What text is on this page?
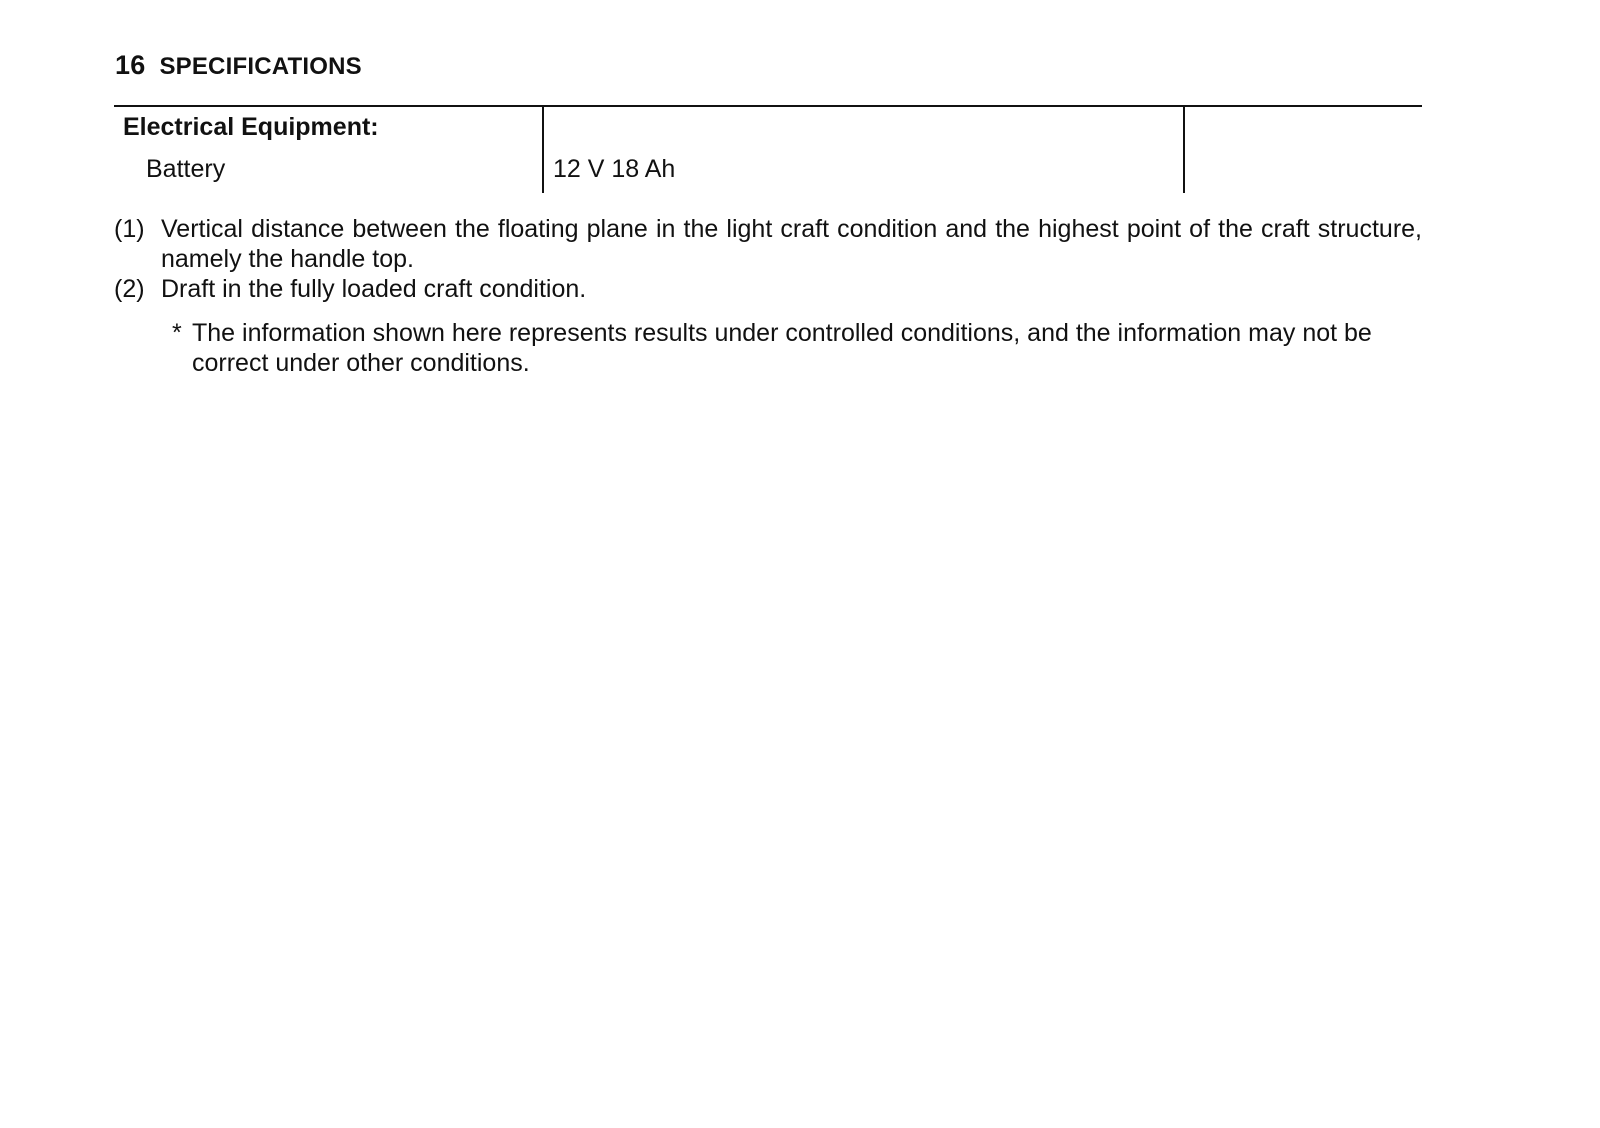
16 SPECIFICATIONS
Electrical Equipment:
Battery	12 V 18 Ah
(1) Vertical distance between the floating plane in the light craft condition and the highest point of the craft structure, namely the handle top.
(2) Draft in the fully loaded craft condition.
* The information shown here represents results under controlled conditions, and the information may not be correct under other conditions.
